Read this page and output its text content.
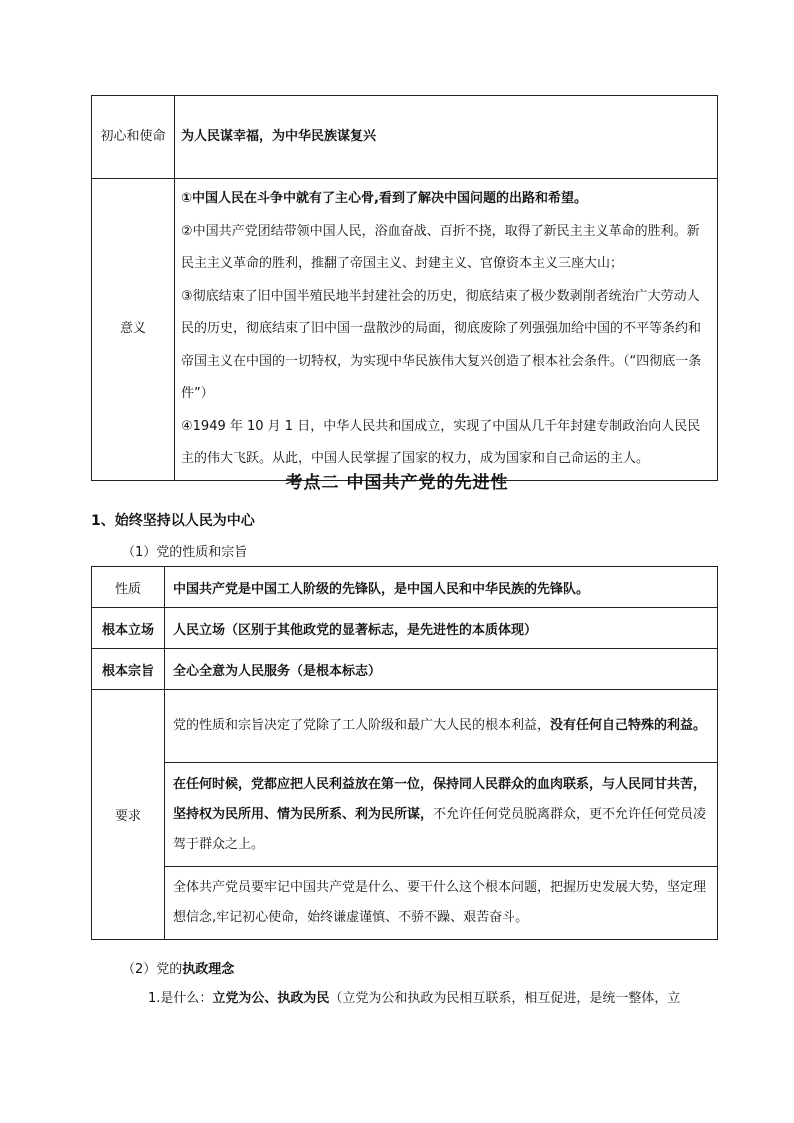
初心和使命	为人民谋幸福，为中华民族谋复兴
意义	①中国人民在斗争中就有了主心骨,看到了解决中国问题的出路和希望。
②中国共产党团结带领中国人民，浴血奋战、百折不挠，取得了新民主主义革命的胜利。新民主主义革命的胜利，推翻了帝国主义、封建主义、官僚资本主义三座大山；
③彻底结束了旧中国半殖民地半封建社会的历史，彻底结束了极少数剥削者统治广大劳动人民的历史，彻底结束了旧中国一盘散沙的局面，彻底废除了列强强加给中国的不平等条约和帝国主义在中国的一切特权，为实现中华民族伟大复兴创造了根本社会条件。（“四彻底一条件”）
④1949 年 10 月 1 日，中华人民共和国成立，实现了中国从几千年封建专制政治向人民民主的伟大飞跃。从此，中国人民掌握了国家的权力，成为国家和自己命运的主人。
考点二 中国共产党的先进性
1、始终坚持以人民为中心
（1）党的性质和宗旨
性质	中国共产党是中国工人阶级的先锋队，是中国人民和中华民族的先锋队。
根本立场	人民立场（区别于其他政党的显著标志，是先进性的本质体现）
根本宗旨	全心全意为人民服务（是根本标志）
要求	党的性质和宗旨决定了党除了工人阶级和最广大人民的根本利益，没有任何自己特殊的利益。
	在任何时候，党都应把人民利益放在第一位，保持同人民群众的血肉联系，与人民同甘共苦，坚持权为民所用、情为民所系、利为民所谋，不允许任何党员脱离群众，更不允许任何党员凌驾于群众之上。
	全体共产党员要牢记中国共产党是什么、要干什么这个根本问题，把握历史发展大势，坚定理想信念,牢记初心使命，始终谦虚谨慎、不骄不躁、艰苦奋斗。
（2）党的执政理念
1.是什么：立党为公、执政为民（立党为公和执政为民相互联系，相互促进，是统一整体，立
